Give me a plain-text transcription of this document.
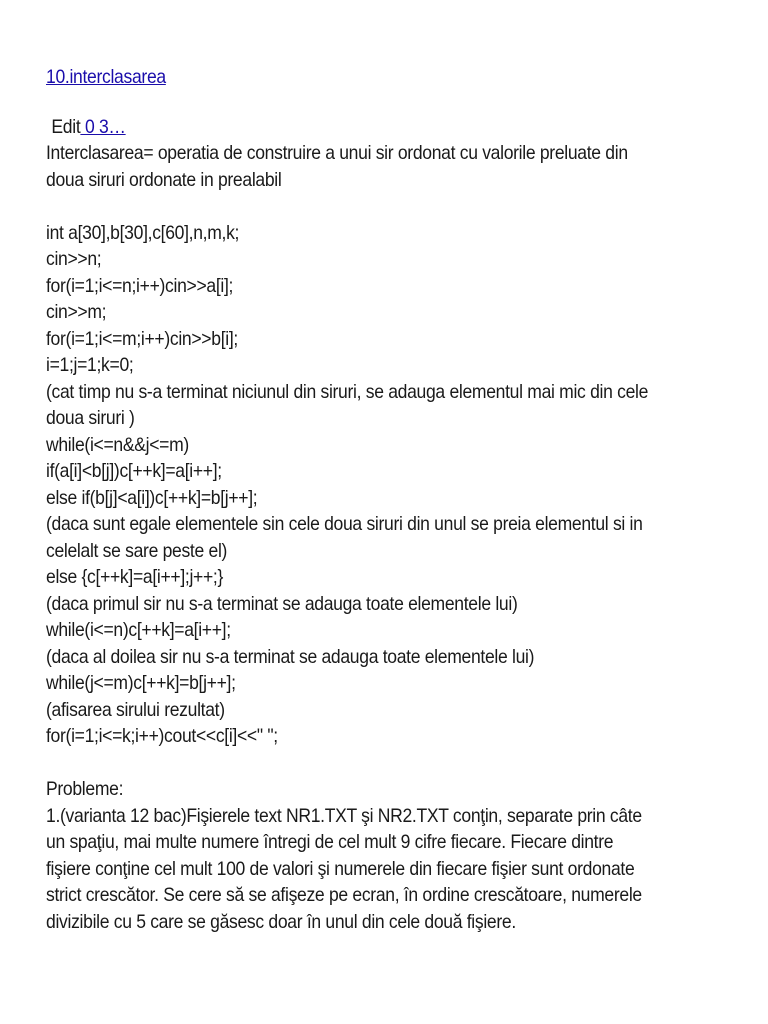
10.interclasarea
Edit 0 3…
Interclasarea= operatia de construire a unui sir ordonat cu valorile preluate din
doua siruri ordonate in prealabil
int a[30],b[30],c[60],n,m,k;
cin>>n;
for(i=1;i<=n;i++)cin>>a[i];
cin>>m;
for(i=1;i<=m;i++)cin>>b[i];
i=1;j=1;k=0;
(cat timp nu s-a terminat niciunul din siruri, se adauga elementul mai mic din cele
doua siruri )
while(i<=n&&j<=m)
if(a[i]<b[j])c[++k]=a[i++];
else if(b[j]<a[i])c[++k]=b[j++];
(daca sunt egale elementele sin cele doua siruri din unul se preia elementul si in
celelalt se sare peste el)
else {c[++k]=a[i++];j++;}
(daca primul sir nu s-a terminat se adauga toate elementele lui)
while(i<=n)c[++k]=a[i++];
(daca al doilea sir nu s-a terminat se adauga toate elementele lui)
while(j<=m)c[++k]=b[j++];
(afisarea sirului rezultat)
for(i=1;i<=k;i++)cout<<c[i]<<" ";
Probleme:
1.(varianta 12 bac)Fişierele text NR1.TXT şi NR2.TXT conţin, separate prin câte
un spaţiu, mai multe numere întregi de cel mult 9 cifre fiecare. Fiecare dintre
fişiere conţine cel mult 100 de valori şi numerele din fiecare fişier sunt ordonate
strict crescător. Se cere să se afişeze pe ecran, în ordine crescătoare, numerele
divizibile cu 5 care se găsesc doar în unul din cele două fişiere.
